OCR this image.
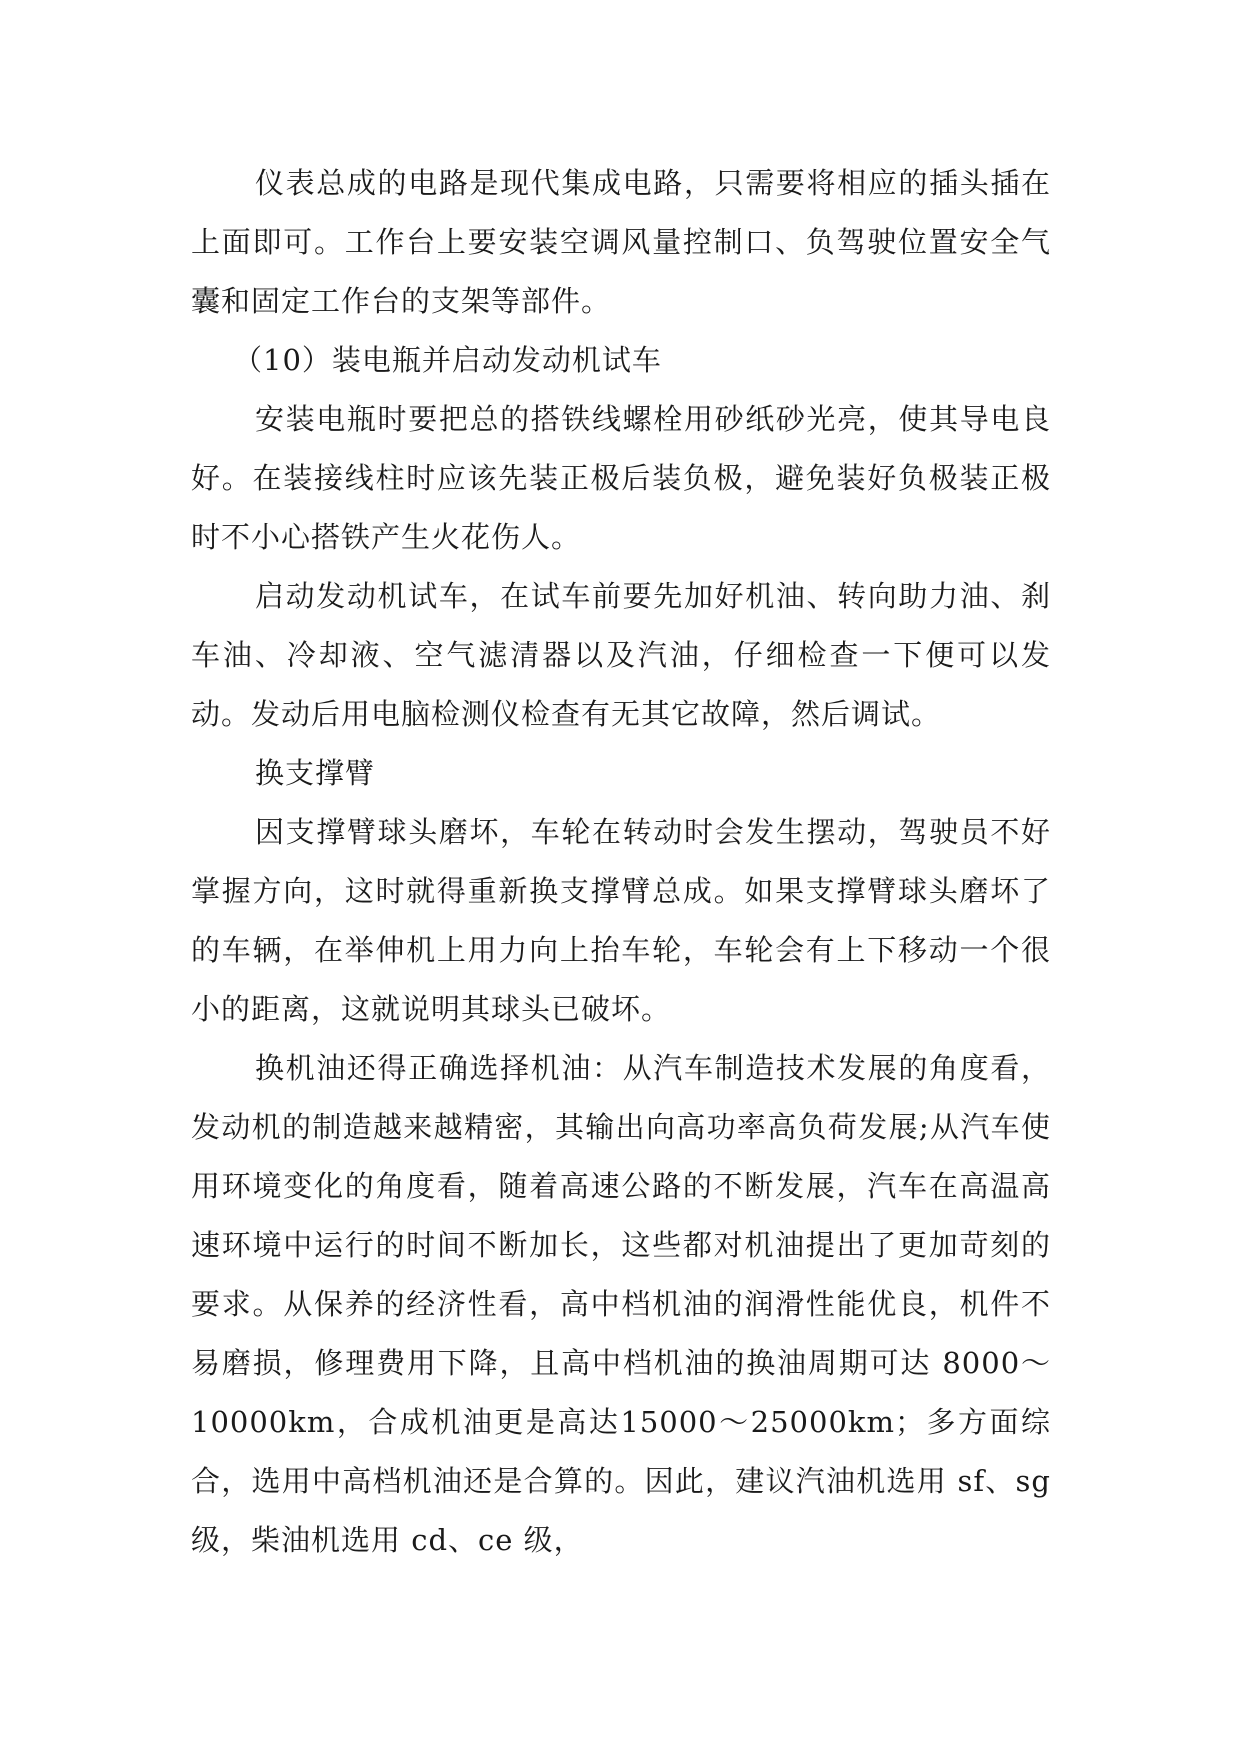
仪表总成的电路是现代集成电路，只需要将相应的插头插在上面即可。工作台上要安装空调风量控制口、负驾驶位置安全气囊和固定工作台的支架等部件。

（10）装电瓶并启动发动机试车

安装电瓶时要把总的搭铁线螺栓用砂纸砂光亮，使其导电良好。在装接线柱时应该先装正极后装负极，避免装好负极装正极时不小心搭铁产生火花伤人。

启动发动机试车，在试车前要先加好机油、转向助力油、刹车油、冷却液、空气滤清器以及汽油，仔细检查一下便可以发动。发动后用电脑检测仪检查有无其它故障，然后调试。

换支撑臂

因支撑臂球头磨坏，车轮在转动时会发生摆动，驾驶员不好掌握方向，这时就得重新换支撑臂总成。如果支撑臂球头磨坏了的车辆，在举伸机上用力向上抬车轮，车轮会有上下移动一个很小的距离，这就说明其球头已破坏。

换机油还得正确选择机油：从汽车制造技术发展的角度看，发动机的制造越来越精密，其输出向高功率高负荷发展;从汽车使用环境变化的角度看，随着高速公路的不断发展，汽车在高温高速环境中运行的时间不断加长，这些都对机油提出了更加苛刻的要求。从保养的经济性看，高中档机油的润滑性能优良，机件不易磨损，修理费用下降，且高中档机油的换油周期可达 8000～10000km，合成机油更是高达15000～25000km；多方面综合，选用中高档机油还是合算的。因此，建议汽油机选用 sf、sg 级，柴油机选用 cd、ce 级，
